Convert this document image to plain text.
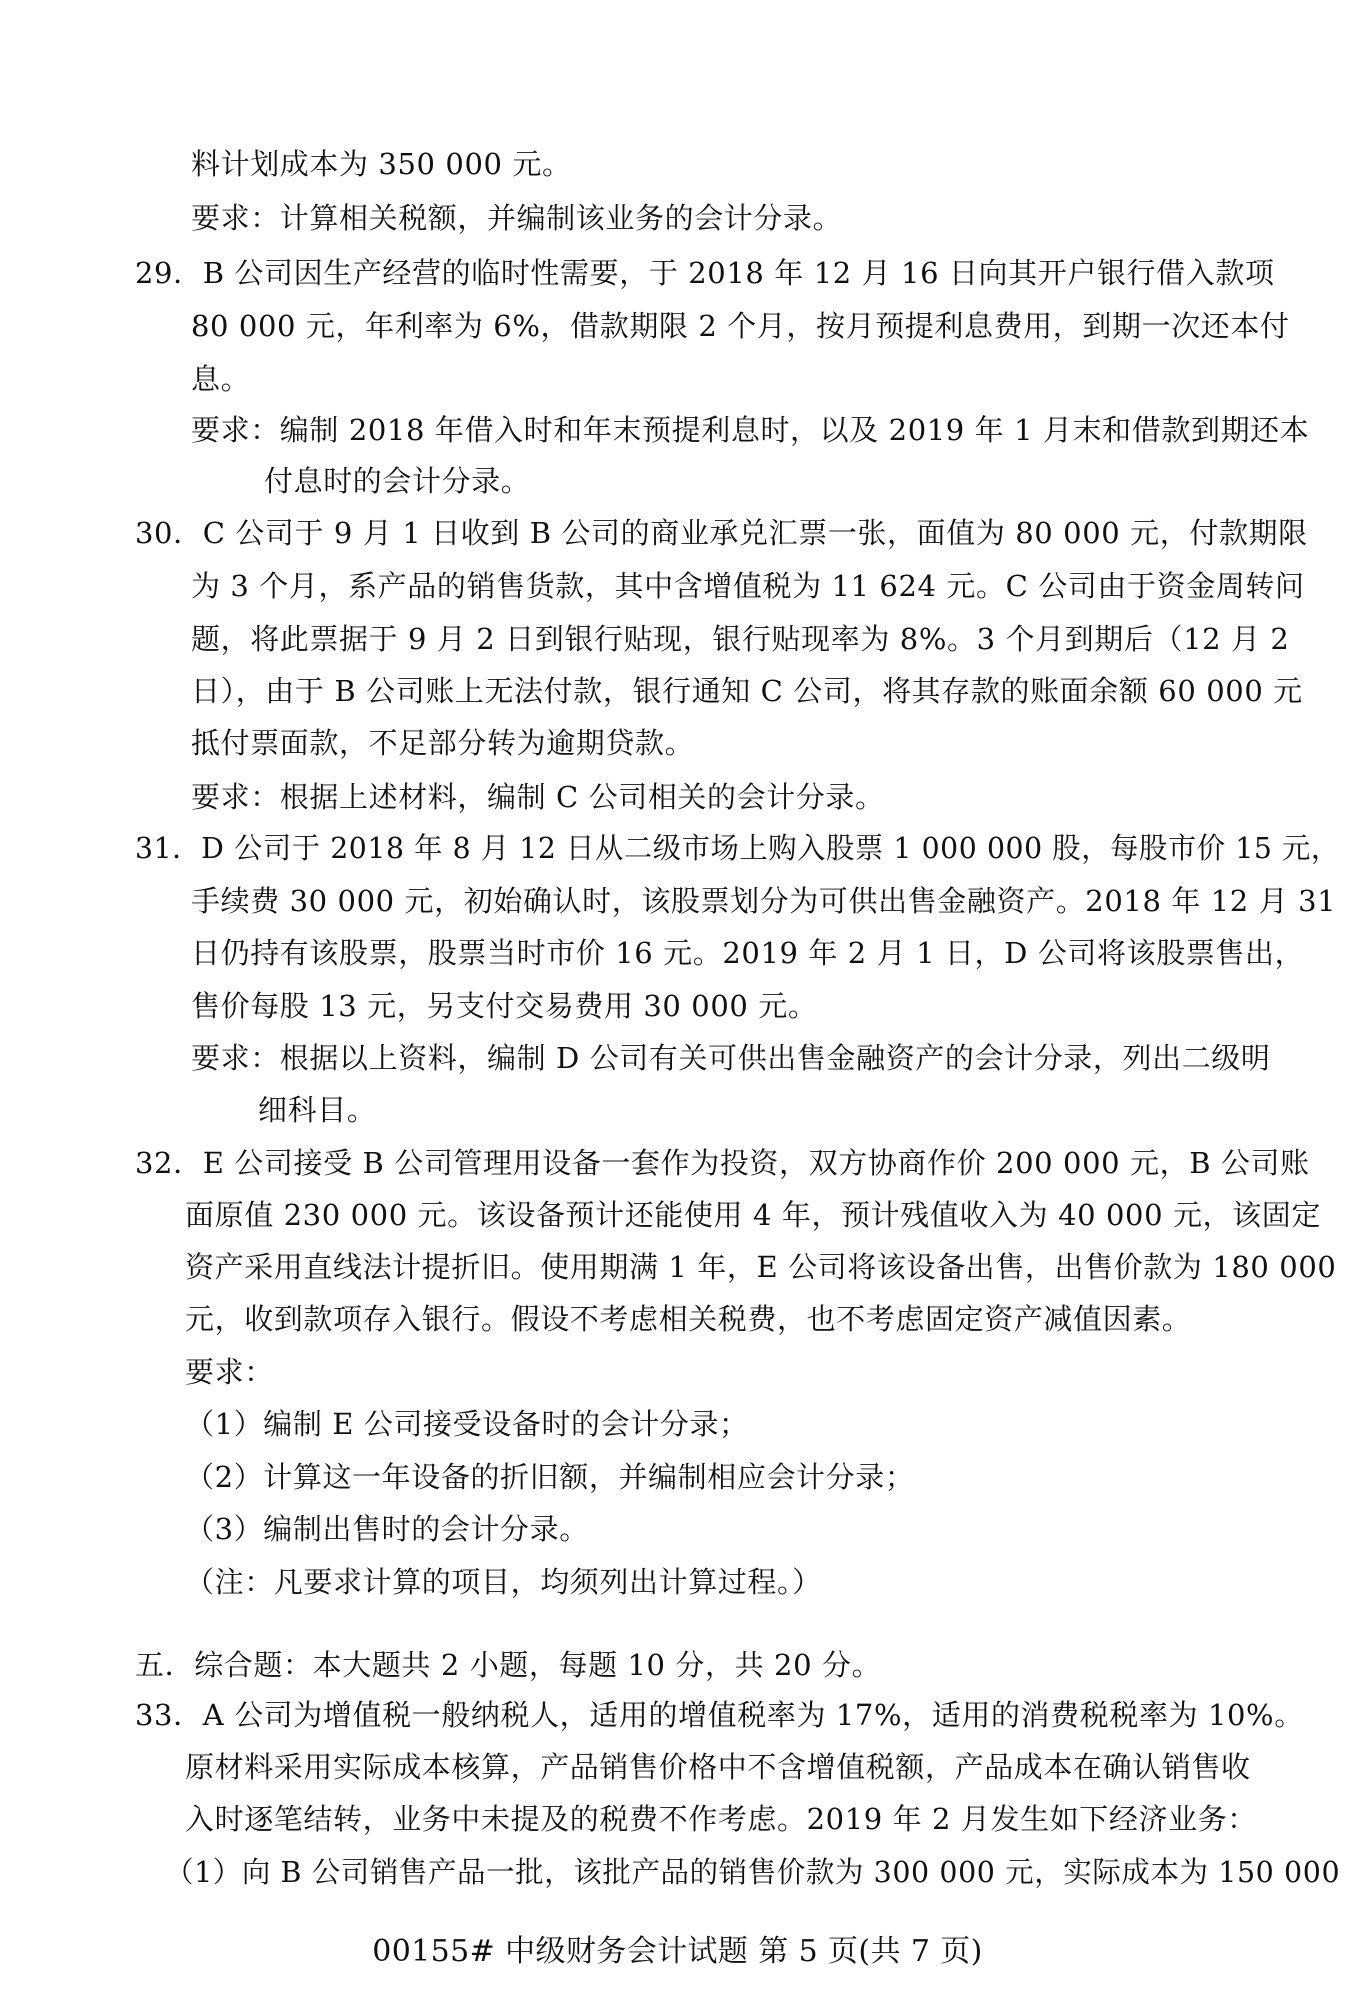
料计划成本为 350 000 元。
要求：计算相关税额，并编制该业务的会计分录。
29．B 公司因生产经营的临时性需要，于 2018 年 12 月 16 日向其开户银行借入款项
80 000 元，年利率为 6%，借款期限 2 个月，按月预提利息费用，到期一次还本付
息。
要求：编制 2018 年借入时和年末预提利息时，以及 2019 年 1 月末和借款到期还本
付息时的会计分录。
30．C 公司于 9 月 1 日收到 B 公司的商业承兑汇票一张，面值为 80 000 元，付款期限
为 3 个月，系产品的销售货款，其中含增值税为 11 624 元。C 公司由于资金周转问
题，将此票据于 9 月 2 日到银行贴现，银行贴现率为 8%。3 个月到期后（12 月 2
日），由于 B 公司账上无法付款，银行通知 C 公司，将其存款的账面余额 60 000 元
抵付票面款，不足部分转为逾期贷款。
要求：根据上述材料，编制 C 公司相关的会计分录。
31．D 公司于 2018 年 8 月 12 日从二级市场上购入股票 1 000 000 股，每股市价 15 元，
手续费 30 000 元，初始确认时，该股票划分为可供出售金融资产。2018 年 12 月 31
日仍持有该股票，股票当时市价 16 元。2019 年 2 月 1 日，D 公司将该股票售出，
售价每股 13 元，另支付交易费用 30 000 元。
要求：根据以上资料，编制 D 公司有关可供出售金融资产的会计分录，列出二级明
细科目。
32．E 公司接受 B 公司管理用设备一套作为投资，双方协商作价 200 000 元，B 公司账
面原值 230 000 元。该设备预计还能使用 4 年，预计残值收入为 40 000 元，该固定
资产采用直线法计提折旧。使用期满 1 年，E 公司将该设备出售，出售价款为 180 000
元，收到款项存入银行。假设不考虑相关税费，也不考虑固定资产减值因素。
要求：
（1）编制 E 公司接受设备时的会计分录；
（2）计算这一年设备的折旧额，并编制相应会计分录；
（3）编制出售时的会计分录。
（注：凡要求计算的项目，均须列出计算过程。）
五．综合题：本大题共 2 小题，每题 10 分，共 20 分。
33．A 公司为增值税一般纳税人，适用的增值税率为 17%，适用的消费税税率为 10%。
原材料采用实际成本核算，产品销售价格中不含增值税额，产品成本在确认销售收
入时逐笔结转，业务中未提及的税费不作考虑。2019 年 2 月发生如下经济业务：
（1）向 B 公司销售产品一批，该批产品的销售价款为 300 000 元，实际成本为 150 000
00155# 中级财务会计试题 第 5 页(共 7 页)
